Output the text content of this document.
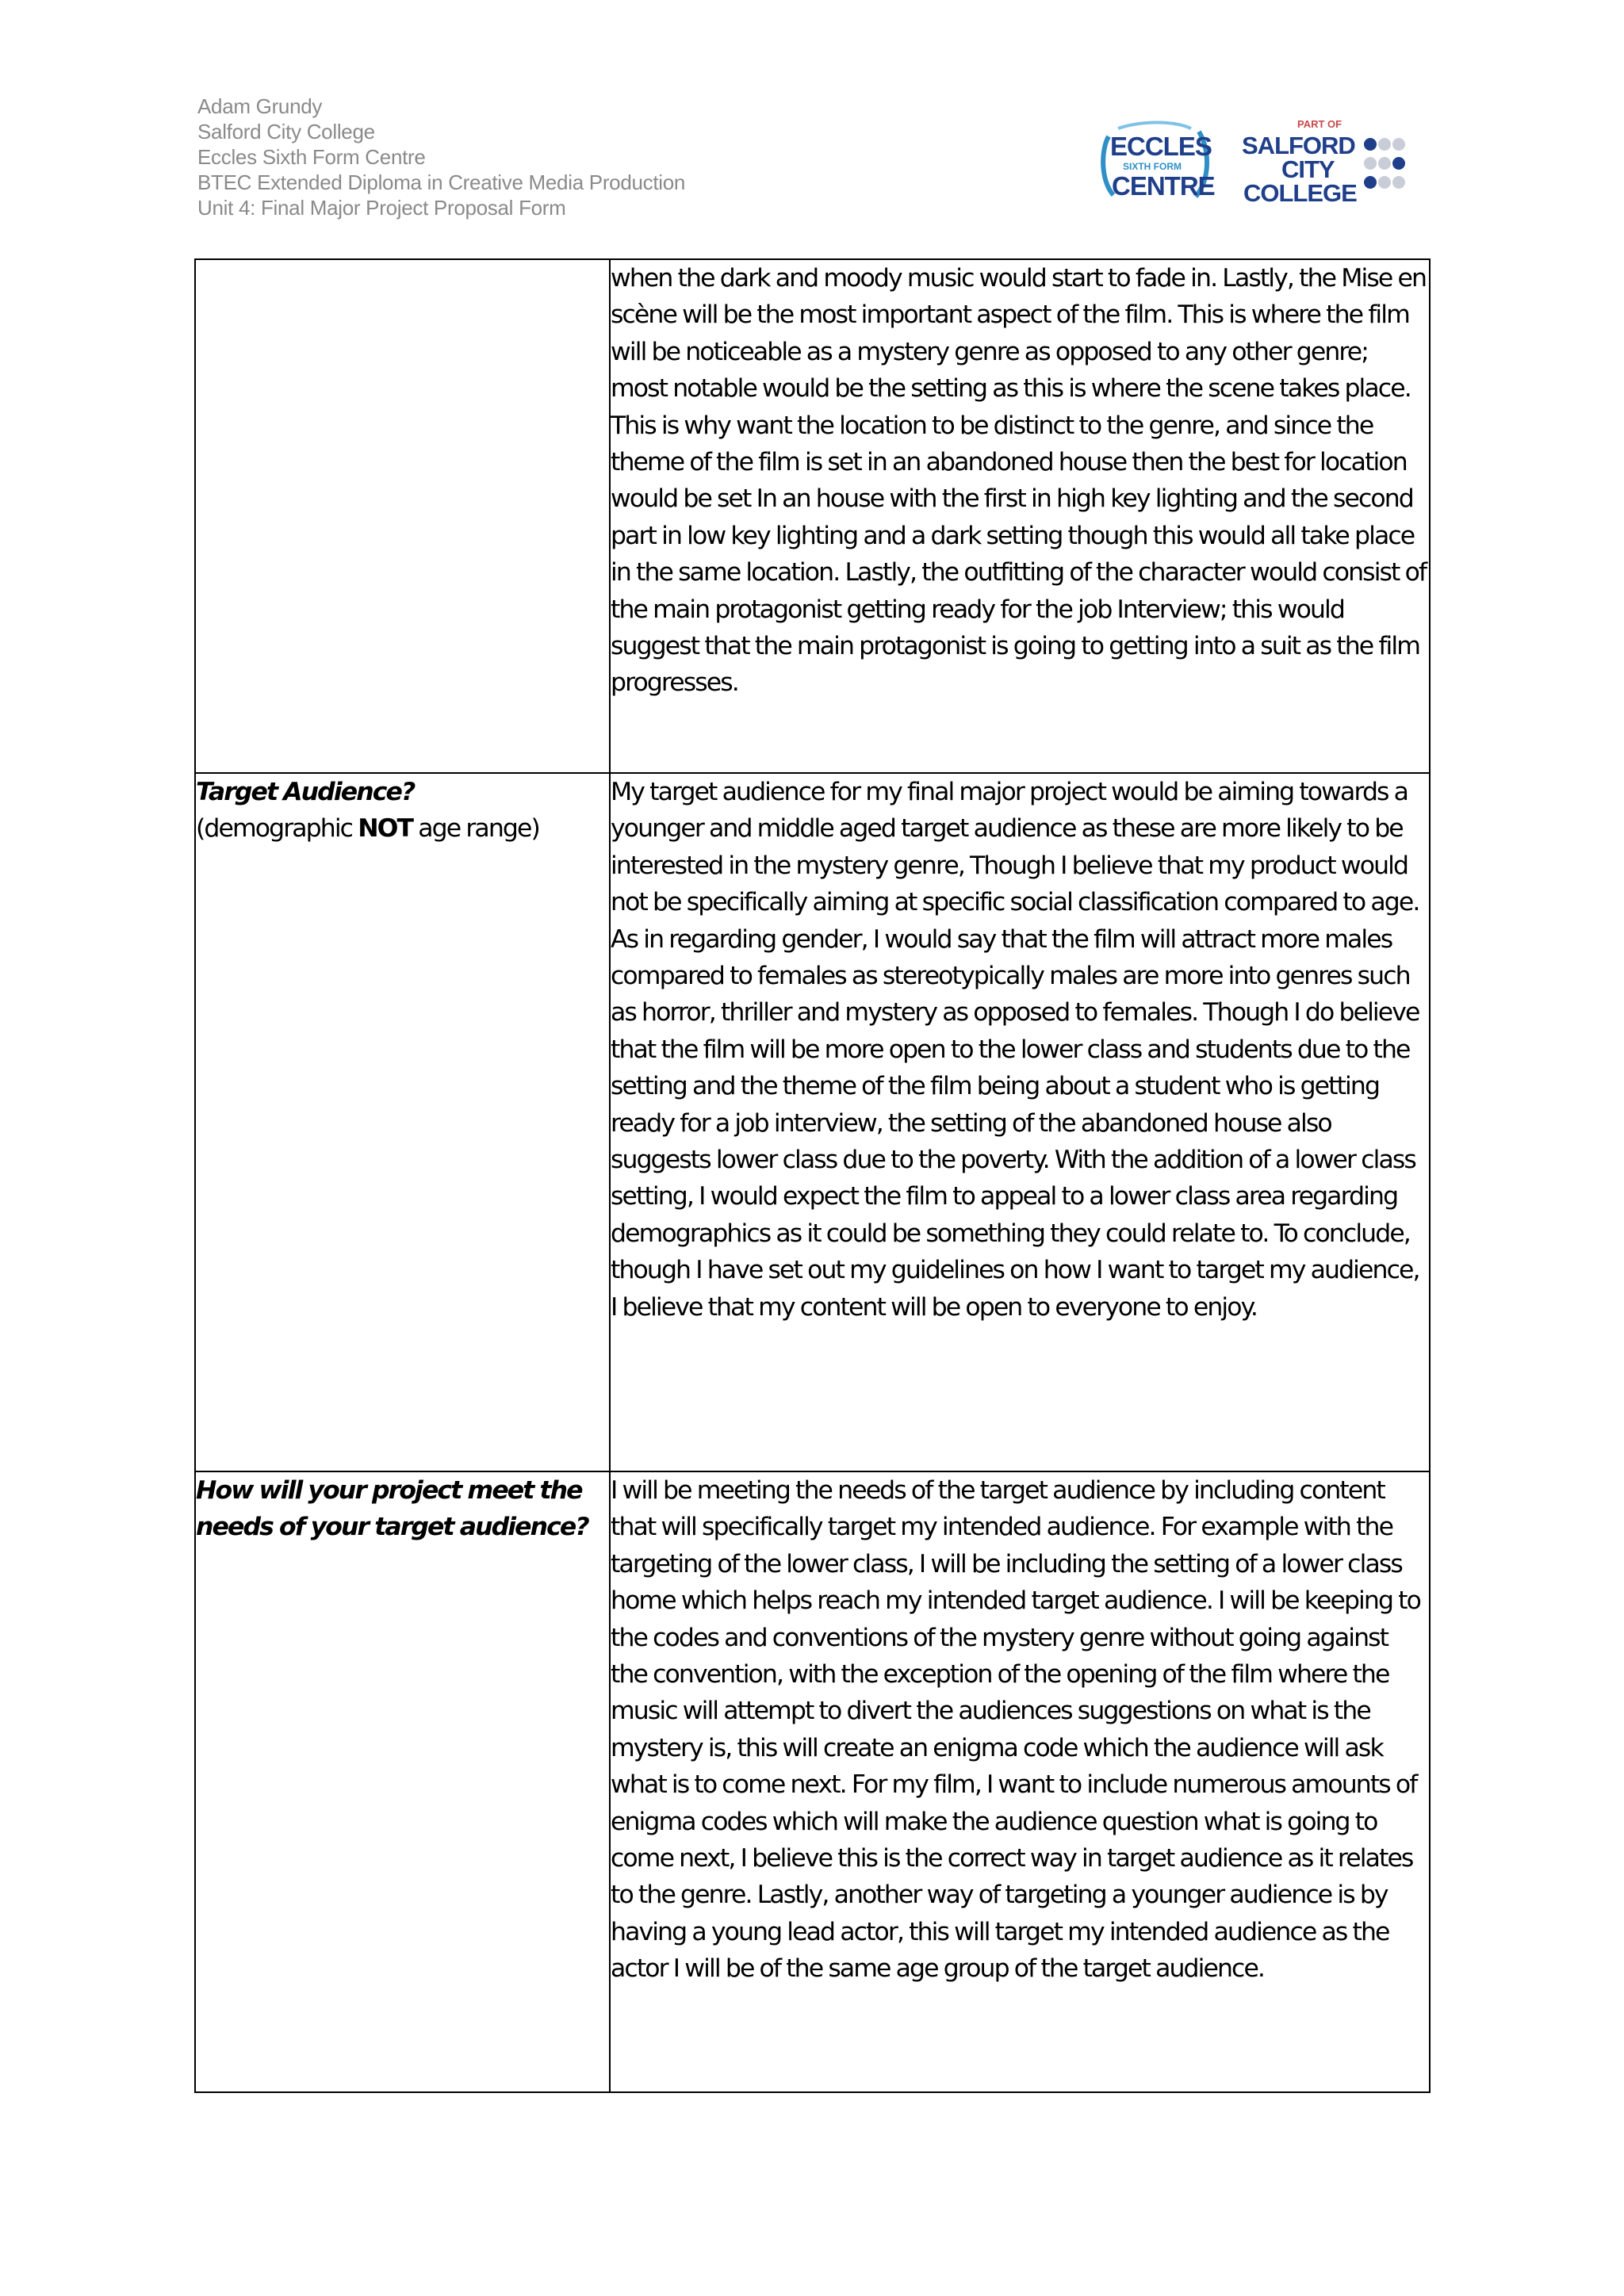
Adam Grundy
Salford City College
Eccles Sixth Form Centre
BTEC Extended Diploma in Creative Media Production
Unit 4: Final Major Project Proposal Form
ECCLES
SIXTH FORM
CENTRE
PART OF
SALFORD
CITY
COLLEGE
	when the dark and moody music would start to fade in. Lastly, the Mise en scène will be the most important aspect of the film. This is where the film will be noticeable as a mystery genre as opposed to any other genre; most notable would be the setting as this is where the scene takes place. This is why want the location to be distinct to the genre, and since the theme of the film is set in an abandoned house then the best for location would be set In an house with the first in high key lighting and the second part in low key lighting and a dark setting though this would all take place in the same location. Lastly, the outfitting of the character would consist of the main protagonist getting ready for the job Interview; this would suggest that the main protagonist is going to getting into a suit as the film progresses.

Target Audience?
(demographic NOT age range)	My target audience for my final major project would be aiming towards a younger and middle aged target audience as these are more likely to be interested in the mystery genre, Though I believe that my product would not be specifically aiming at specific social classification compared to age. As in regarding gender, I would say that the film will attract more males compared to females as stereotypically males are more into genres such as horror, thriller and mystery as opposed to females. Though I do believe that the film will be more open to the lower class and students due to the setting and the theme of the film being about a student who is getting ready for a job interview, the setting of the abandoned house also suggests lower class due to the poverty. With the addition of a lower class setting, I would expect the film to appeal to a lower class area regarding demographics as it could be something they could relate to. To conclude, though I have set out my guidelines on how I want to target my audience, I believe that my content will be open to everyone to enjoy.

How will your project meet the needs of your target audience?	I will be meeting the needs of the target audience by including content that will specifically target my intended audience. For example with the targeting of the lower class, I will be including the setting of a lower class home which helps reach my intended target audience. I will be keeping to the codes and conventions of the mystery genre without going against the convention, with the exception of the opening of the film where the music will attempt to divert the audiences suggestions on what is the mystery is, this will create an enigma code which the audience will ask what is to come next. For my film, I want to include numerous amounts of enigma codes which will make the audience question what is going to come next, I believe this is the correct way in target audience as it relates to the genre. Lastly, another way of targeting a younger audience is by having a young lead actor, this will target my intended audience as the actor I will be of the same age group of the target audience.
